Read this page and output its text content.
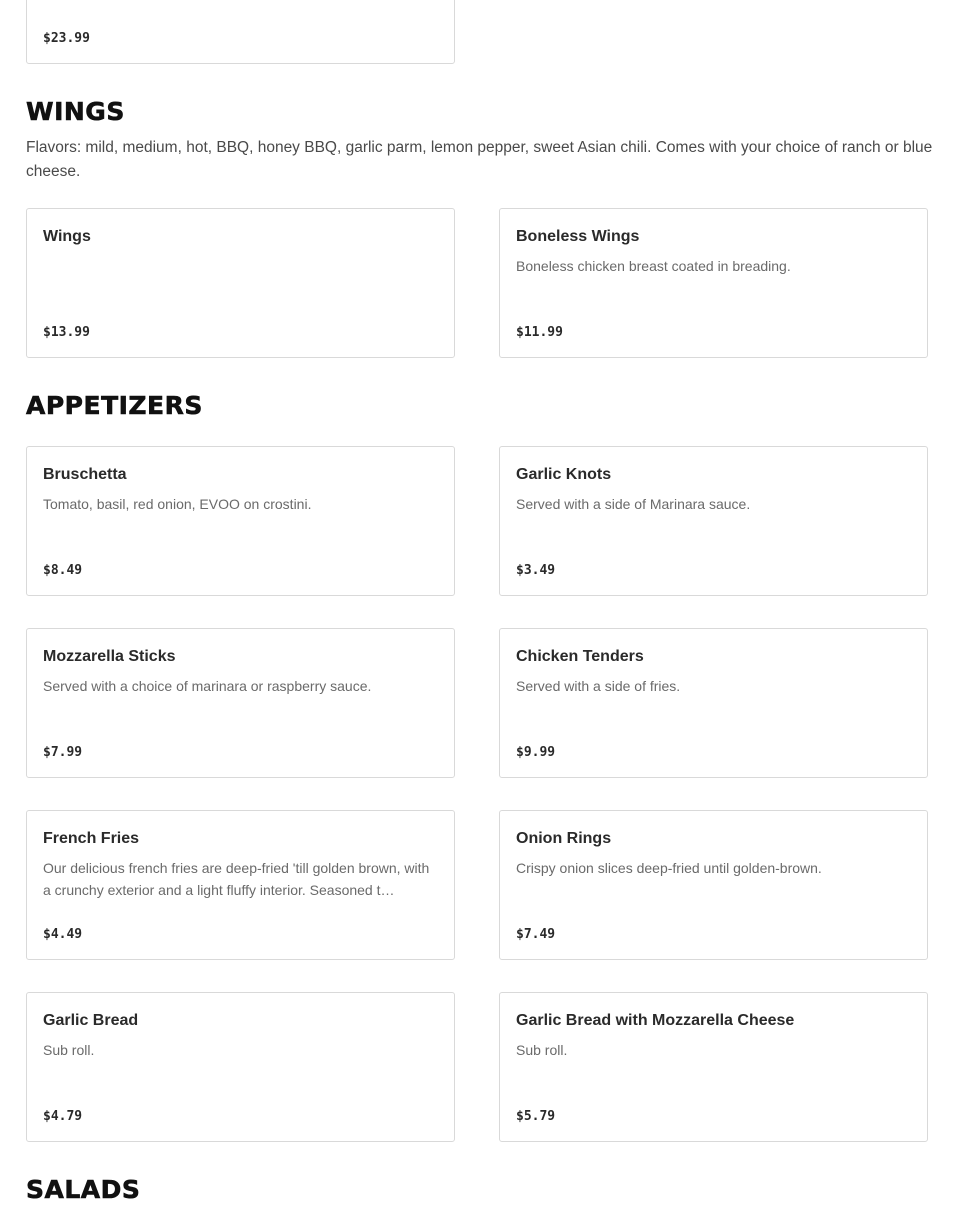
$23.99
WINGS

Flavors: mild, medium, hot, BBQ, honey BBQ, garlic parm, lemon pepper, sweet Asian chili. Comes with your choice of ranch or blue cheese.

Wings
$13.99
Boneless Wings
Boneless chicken breast coated in breading.
$11.99
APPETIZERS
Bruschetta
Tomato, basil, red onion, EVOO on crostini.
$8.49
Garlic Knots
Served with a side of Marinara sauce.
$3.49
Mozzarella Sticks
Served with a choice of marinara or raspberry sauce.
$7.99
Chicken Tenders
Served with a side of fries.
$9.99
French Fries
Our delicious french fries are deep-fried 'till golden brown, with a crunchy exterior and a light fluffy interior. Seasoned t…
$4.49
Onion Rings
Crispy onion slices deep-fried until golden-brown.
$7.49
Garlic Bread
Sub roll.
$4.79
Garlic Bread with Mozzarella Cheese
Sub roll.
$5.79
SALADS
